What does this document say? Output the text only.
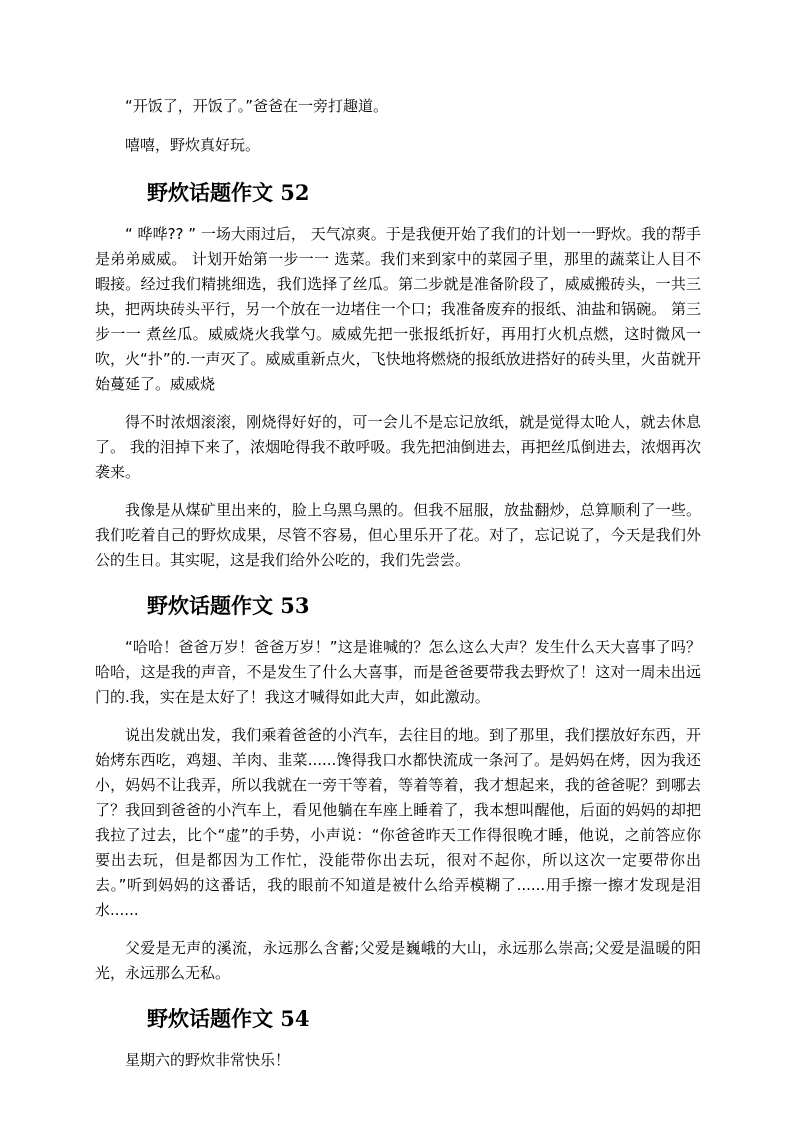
“开饭了，开饭了。”爸爸在一旁打趣道。

嘻嘻，野炊真好玩。

野炊话题作文 52

“ 哗哗?? ” 一场大雨过后， 天气凉爽。于是我便开始了我们的计划一一野炊。我的帮手是弟弟威威。 计划开始第一步一一 选菜。我们来到家中的菜园子里，那里的蔬菜让人目不暇接。经过我们精挑细选，我们选择了丝瓜。第二步就是准备阶段了，威威搬砖头，一共三块，把两块砖头平行，另一个放在一边堵住一个口；我准备废弃的报纸、油盐和锅碗。 第三步一一 煮丝瓜。威威烧火我掌勺。威威先把一张报纸折好，再用打火机点燃，这时微风一吹，火“扑”的.一声灭了。威威重新点火，飞快地将燃烧的报纸放进搭好的砖头里，火苗就开始蔓延了。威威烧

得不时浓烟滚滚，刚烧得好好的，可一会儿不是忘记放纸，就是觉得太呛人，就去休息了。 我的泪掉下来了，浓烟呛得我不敢呼吸。我先把油倒进去，再把丝瓜倒进去，浓烟再次袭来。

我像是从煤矿里出来的，脸上乌黑乌黑的。但我不屈服，放盐翻炒，总算顺利了一些。 我们吃着自己的野炊成果，尽管不容易，但心里乐开了花。对了，忘记说了，今天是我们外公的生日。其实呢，这是我们给外公吃的，我们先尝尝。

野炊话题作文 53

“哈哈！爸爸万岁！爸爸万岁！”这是谁喊的？怎么这么大声？发生什么天大喜事了吗？哈哈，这是我的声音，不是发生了什么大喜事，而是爸爸要带我去野炊了！这对一周未出远门的.我，实在是太好了！我这才喊得如此大声，如此激动。

说出发就出发，我们乘着爸爸的小汽车，去往目的地。到了那里，我们摆放好东西，开始烤东西吃，鸡翅、羊肉、韭菜......馋得我口水都快流成一条河了。是妈妈在烤，因为我还小，妈妈不让我弄，所以我就在一旁干等着，等着等着，我才想起来，我的爸爸呢？到哪去了？我回到爸爸的小汽车上，看见他躺在车座上睡着了，我本想叫醒他，后面的妈妈的却把我拉了过去，比个“虚”的手势，小声说：“你爸爸昨天工作得很晚才睡，他说，之前答应你要出去玩，但是都因为工作忙，没能带你出去玩，很对不起你，所以这次一定要带你出去。”听到妈妈的这番话，我的眼前不知道是被什么给弄模糊了......用手擦一擦才发现是泪水......

父爱是无声的溪流，永远那么含蓄;父爱是巍峨的大山，永远那么崇高;父爱是温暖的阳光，永远那么无私。

野炊话题作文 54

星期六的野炊非常快乐！
